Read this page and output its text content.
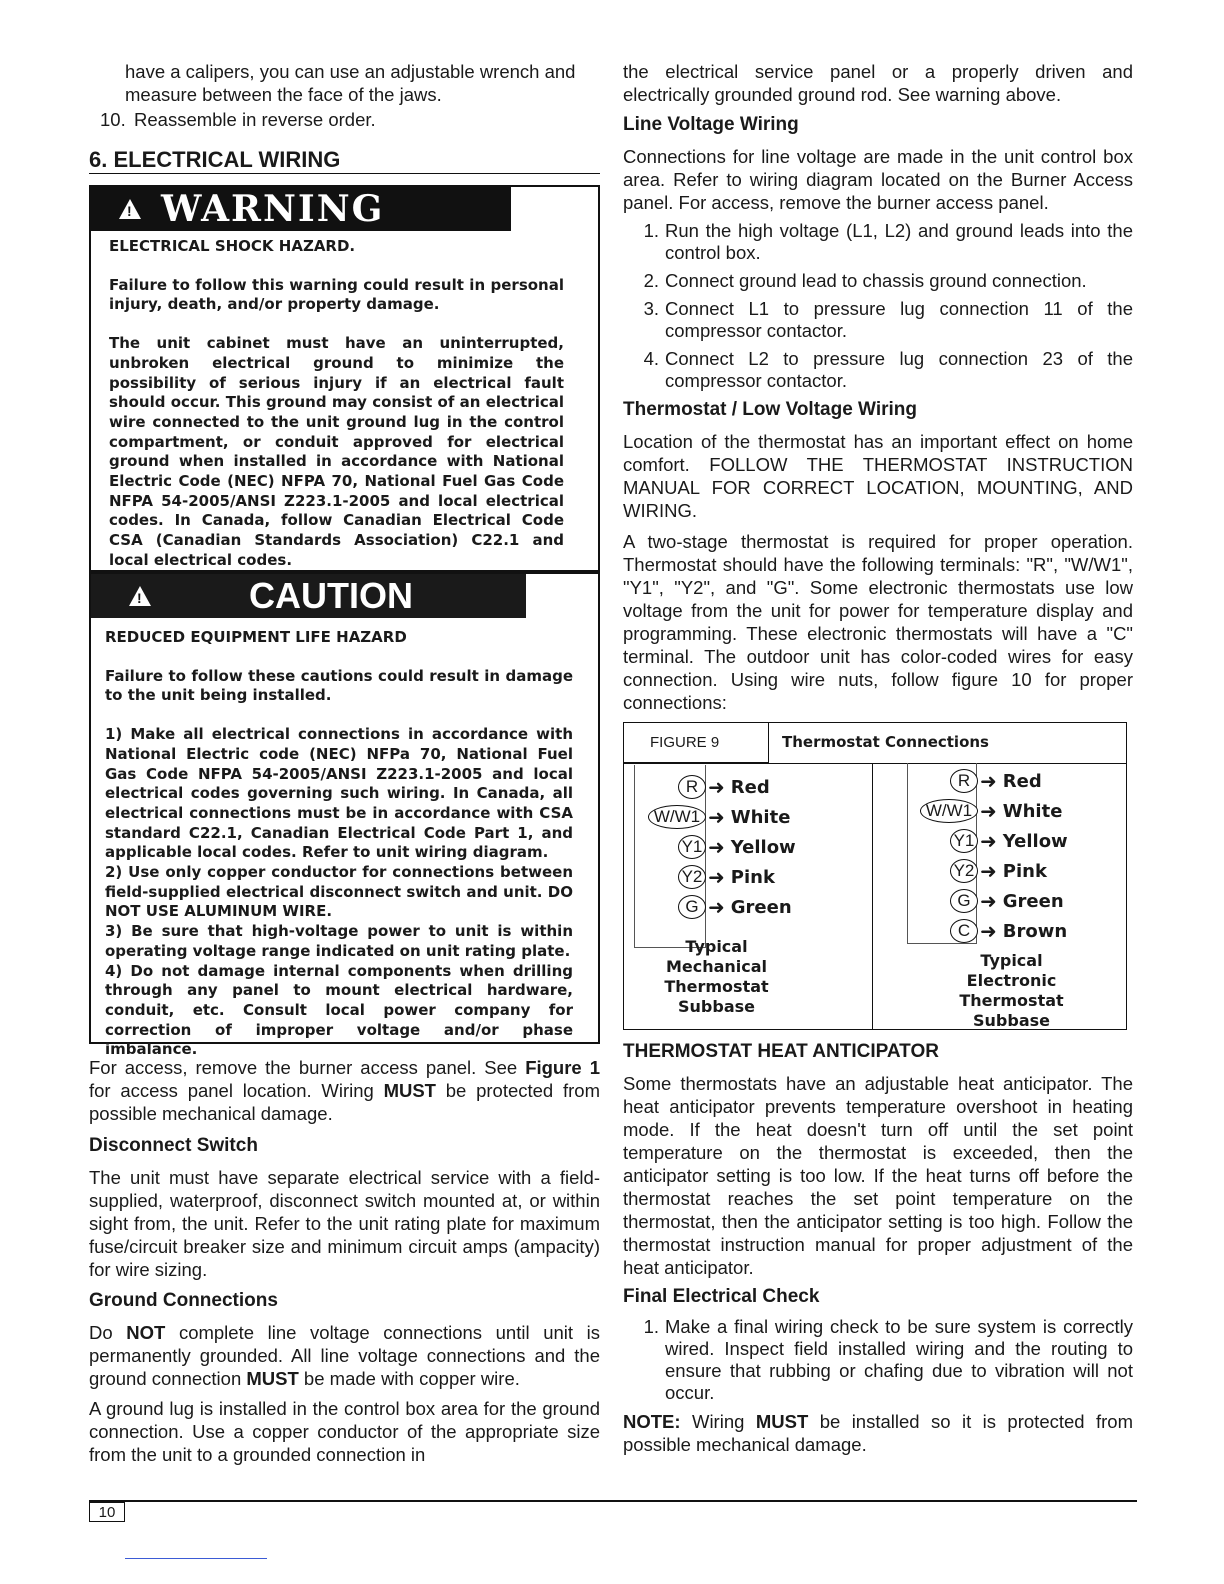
have a calipers, you can use an adjustable wrench and

measure between the face of the jaws.

10. Reassemble in reverse order.
6. ELECTRICAL WIRING
!
WARNING

ELECTRICAL SHOCK HAZARD.

Failure to follow this warning could result in personal injury, death, and/or property damage.

The unit cabinet must have an uninterrupted, unbroken electrical ground to minimize the possibility of serious injury if an electrical fault should occur. This ground may consist of an electrical wire connected to the unit ground lug in the control compartment, or conduit approved for electrical ground when installed in accordance with National Electric Code (NEC) NFPA 70, National Fuel Gas Code NFPA 54-2005/ANSI Z223.1-2005 and local electrical codes. In Canada, follow Canadian Electrical Code CSA (Canadian Standards Association) C22.1 and local electrical codes.

!
CAUTION

REDUCED EQUIPMENT LIFE HAZARD

Failure to follow these cautions could result in damage to the unit being installed.

1) Make all electrical connections in accordance with National Electric code (NEC) NFPa 70, National Fuel Gas Code NFPA 54-2005/ANSI Z223.1-2005 and local electrical codes governing such wiring. In Canada, all electrical connections must be in accordance with CSA standard C22.1, Canadian Electrical Code Part 1, and applicable local codes. Refer to unit wiring diagram.

2) Use only copper conductor for connections between field-supplied electrical disconnect switch and unit. DO NOT USE ALUMINUM WIRE.

3) Be sure that high-voltage power to unit is within operating voltage range indicated on unit rating plate.

4) Do not damage internal components when drilling through any panel to mount electrical hardware, conduit, etc. Consult local power company for correction of improper voltage and/or phase imbalance.

For access, remove the burner access panel. See Figure 1 for access panel location. Wiring MUST be protected from possible mechanical damage.

Disconnect Switch

The unit must have separate electrical service with a field-supplied, waterproof, disconnect switch mounted at, or within sight from, the unit. Refer to the unit rating plate for maximum fuse/circuit breaker size and minimum circuit amps (ampacity) for wire sizing.

Ground Connections

Do NOT complete line voltage connections until unit is permanently grounded. All line voltage connections and the ground connection MUST be made with copper wire.

A ground lug is installed in the control box area for the ground connection. Use a copper conductor of the appropriate size from the unit to a grounded connection in

the electrical service panel or a properly driven and electrically grounded ground rod. See warning above.

Line Voltage Wiring

Connections for line voltage are made in the unit control box area. Refer to wiring diagram located on the Burner Access panel. For access, remove the burner access panel.

1. Run the high voltage (L1, L2) and ground leads into the control box.
2. Connect ground lead to chassis ground connection.
3. Connect L1 to pressure lug connection 11 of the compressor contactor.
4. Connect L2 to pressure lug connection 23 of the compressor contactor.

Thermostat / Low Voltage Wiring

Location of the thermostat has an important effect on home comfort. FOLLOW THE THERMOSTAT INSTRUCTION MANUAL FOR CORRECT LOCATION, MOUNTING, AND WIRING.

A two-stage thermostat is required for proper operation. Thermostat should have the following terminals: "R", "W/W1", "Y1", "Y2", and "G". Some electronic thermostats use low voltage from the unit for power for temperature display and programming. These electronic thermostats will have a "C" terminal. The outdoor unit has color-coded wires for easy connection. Using wire nuts, follow figure 10 for proper connections:

FIGURE 9	Thermostat Connections
R ➜ Red
W/W1 ➜ White
Y1 ➜ Yellow
Y2 ➜ Pink
G ➜ Green
R ➜ Red
W/W1 ➜ White
Y1 ➜ Yellow
Y2 ➜ Pink
G ➜ Green
C ➜ Brown
Typical
Mechanical
Thermostat
Subbase
Typical
Electronic
Thermostat
Subbase

THERMOSTAT HEAT ANTICIPATOR

Some thermostats have an adjustable heat anticipator. The heat anticipator prevents temperature overshoot in heating mode. If the heat doesn't turn off until the set point temperature on the thermostat is exceeded, then the anticipator setting is too low. If the heat turns off before the thermostat reaches the set point temperature on the thermostat, then the anticipator setting is too high. Follow the thermostat instruction manual for proper adjustment of the heat anticipator.

Final Electrical Check

1. Make a final wiring check to be sure system is correctly wired. Inspect field installed wiring and the routing to ensure that rubbing or chafing due to vibration will not occur.

NOTE: Wiring MUST be installed so it is protected from possible mechanical damage.

10
